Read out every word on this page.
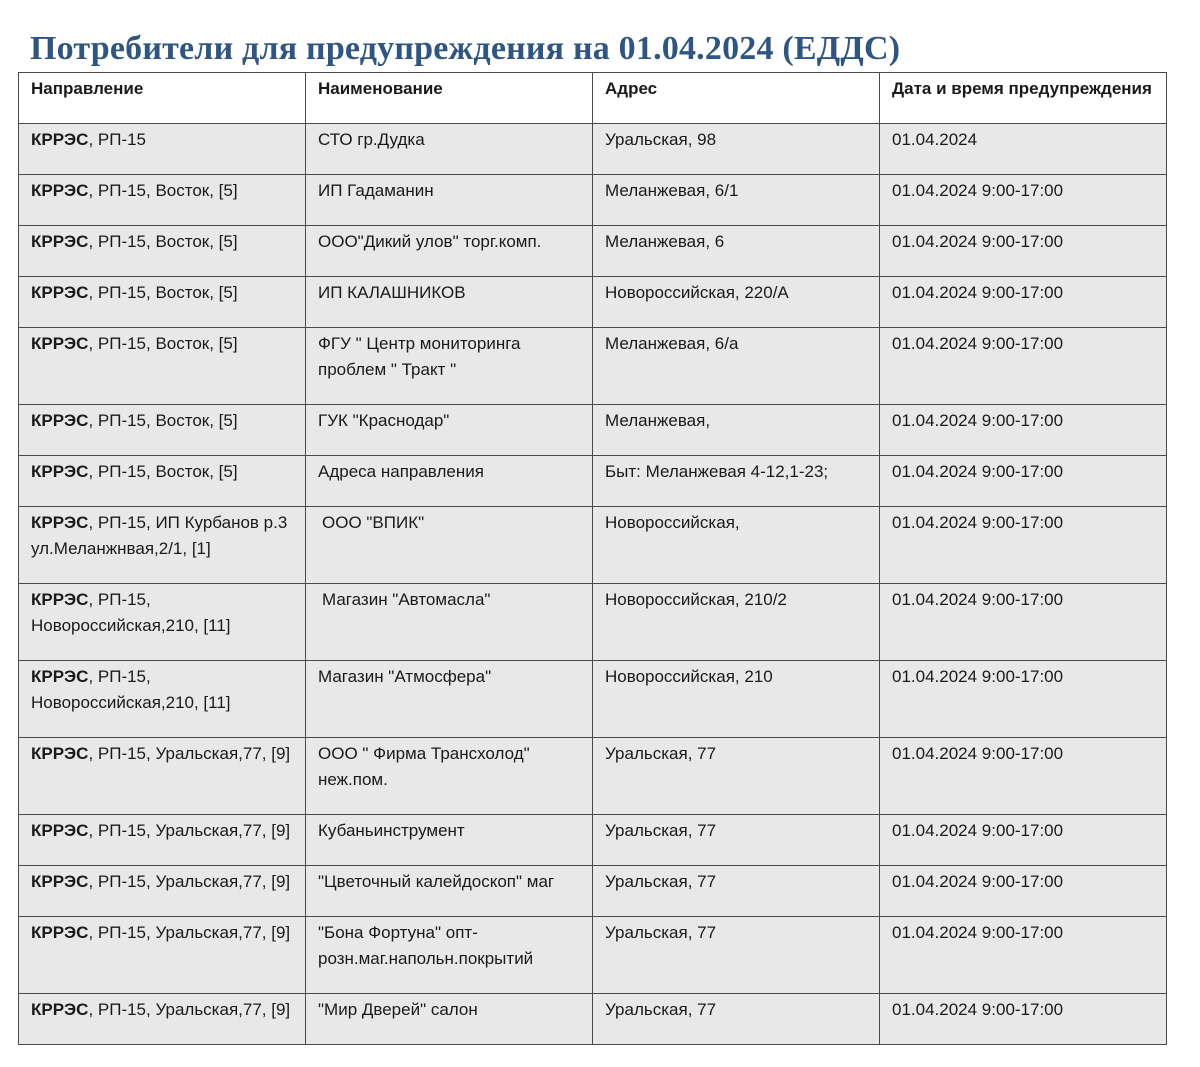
Потребители для предупреждения на 01.04.2024 (ЕДДС)
Направление	Наименование	Адрес	Дата и время предупреждения
КРРЭС, РП-15	СТО гр.Дудка	Уральская, 98	01.04.2024
КРРЭС, РП-15, Восток, [5]	ИП Гадаманин	Меланжевая, 6/1	01.04.2024 9:00-17:00
КРРЭС, РП-15, Восток, [5]	ООО"Дикий улов" торг.комп.	Меланжевая, 6	01.04.2024 9:00-17:00
КРРЭС, РП-15, Восток, [5]	ИП КАЛАШНИКОВ	Новороссийская, 220/А	01.04.2024 9:00-17:00
КРРЭС, РП-15, Восток, [5]	ФГУ " Центр мониторинга проблем " Тракт "	Меланжевая, 6/а	01.04.2024 9:00-17:00
КРРЭС, РП-15, Восток, [5]	ГУК "Краснодар"	Меланжевая,	01.04.2024 9:00-17:00
КРРЭС, РП-15, Восток, [5]	Адреса направления	Быт: Меланжевая 4-12,1-23;	01.04.2024 9:00-17:00
КРРЭС, РП-15, ИП Курбанов р.3 ул.Меланжнвая,2/1, [1]	ООО "ВПИК"	Новороссийская,	01.04.2024 9:00-17:00
КРРЭС, РП-15, Новороссийская,210, [11]	Магазин "Автомасла"	Новороссийская, 210/2	01.04.2024 9:00-17:00
КРРЭС, РП-15, Новороссийская,210, [11]	Магазин "Атмосфера"	Новороссийская, 210	01.04.2024 9:00-17:00
КРРЭС, РП-15, Уральская,77, [9]	ООО " Фирма Трансхолод" неж.пом.	Уральская, 77	01.04.2024 9:00-17:00
КРРЭС, РП-15, Уральская,77, [9]	Кубаньинструмент	Уральская, 77	01.04.2024 9:00-17:00
КРРЭС, РП-15, Уральская,77, [9]	"Цветочный калейдоскоп" маг	Уральская, 77	01.04.2024 9:00-17:00
КРРЭС, РП-15, Уральская,77, [9]	"Бона Фортуна" опт-розн.маг.напольн.покрытий	Уральская, 77	01.04.2024 9:00-17:00
КРРЭС, РП-15, Уральская,77, [9]	"Мир Дверей" салон	Уральская, 77	01.04.2024 9:00-17:00
